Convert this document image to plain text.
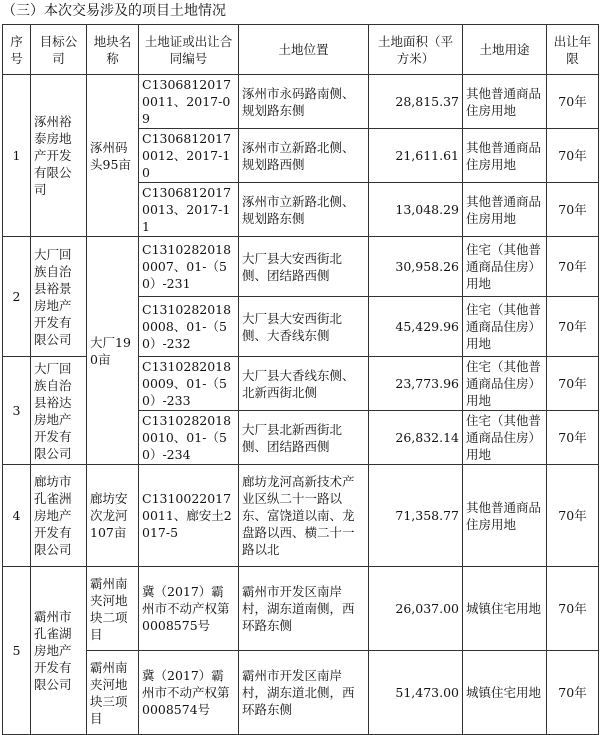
（三）本次交易涉及的项目土地情况
序号	目标公司	地块名称	土地证或出让合同编号	土地位置	土地面积（平方米）	土地用途	出让年限
1	涿州裕泰房地产开发有限公司	涿州码头95亩	C13068120170011、2017-09	涿州市永码路南侧、规划路东侧	28,815.37	其他普通商品住房用地	70年
			C13068120170012、2017-10	涿州市立新路北侧、规划路西侧	21,611.61	其他普通商品住房用地	70年
			C13068120170013、2017-11	涿州市立新路北侧、规划路东侧	13,048.29	其他普通商品住房用地	70年
2	大厂回族自治县裕景房地产开发有限公司	大厂190亩	C13102820180007、01-（50）-231	大厂县大安西街北侧、团结路西侧	30,958.26	住宅（其他普通商品住房）用地	70年
			C13102820180008、01-（50）-232	大厂县大安西街北侧、大香线东侧	45,429.96	住宅（其他普通商品住房）用地	70年
3	大厂回族自治县裕达房地产开发有限公司		C13102820180009、01-（50）-233	大厂县大香线东侧、北新西街北侧	23,773.96	住宅（其他普通商品住房）用地	70年
			C13102820180010、01-（50）-234	大厂县北新西街北侧、团结路西侧	26,832.14	住宅（其他普通商品住房）用地	70年
4	廊坊市孔雀洲房地产开发有限公司	廊坊安次龙河107亩	C13100220170011、廊安土2017-5	廊坊龙河高新技术产业区纵二十一路以东、富饶道以南、龙盘路以西、横二十一路以北	71,358.77	其他普通商品住房用地	70年
5	霸州市孔雀湖房地产开发有限公司	霸州南夹河地块二项目	冀（2017）霸州市不动产权第0008575号	霸州市开发区南岸村，湖东道南侧，西环路东侧	26,037.00	城镇住宅用地	70年
		霸州南夹河地块三项目	冀（2017）霸州市不动产权第0008574号	霸州市开发区南岸村，湖东道北侧，西环路东侧	51,473.00	城镇住宅用地	70年
